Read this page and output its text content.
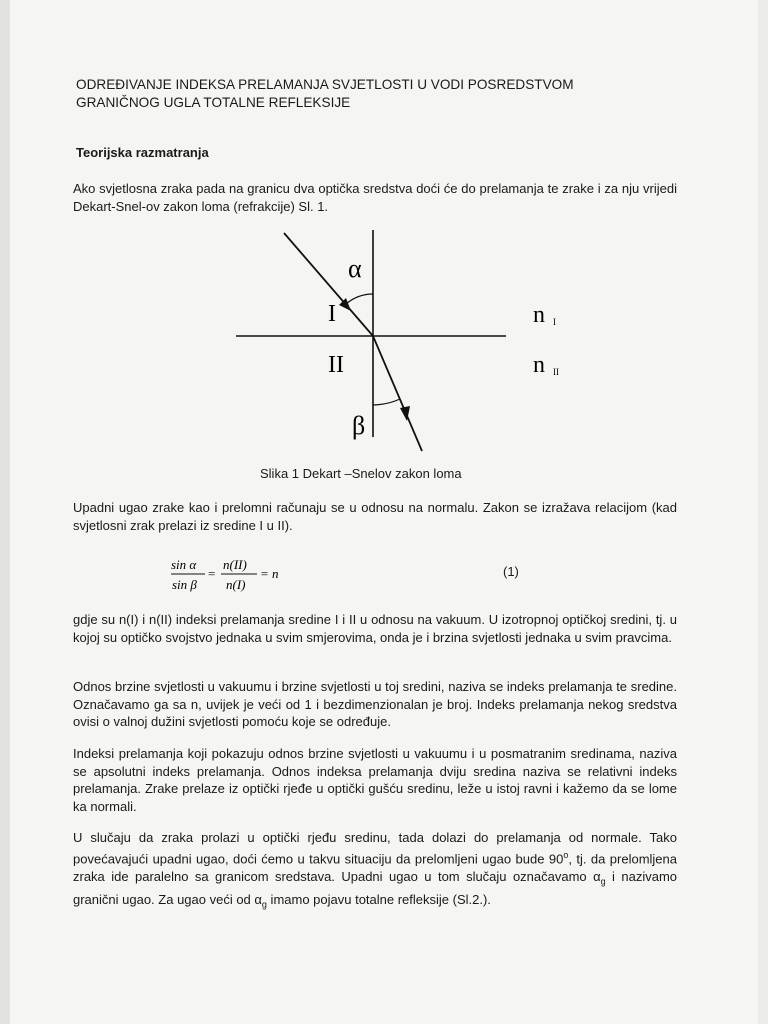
ODREĐIVANJE INDEKSA PRELAMANJA SVJETLOSTI U VODI POSREDSTVOM
GRANIČNOG UGLA TOTALNE REFLEKSIJE
Teorijska razmatranja
Ako svjetlosna zraka pada na granicu dva optička sredstva doći će do prelamanja te zrake i za nju vrijedi Dekart-Snel-ov zakon loma (refrakcije) Sl. 1.
α
β
I
II
n I
n II
Slika 1 Dekart –Snelov zakon loma
Upadni ugao zrake kao i prelomni računaju se u odnosu na normalu. Zakon se izražava relacijom (kad svjetlosni zrak prelazi iz sredine I u II).
sin α
sin β
=
n(II)
n(I)
= n	(1)
gdje su n(I) i n(II) indeksi prelamanja sredine I i II u odnosu na vakuum. U izotropnoj optičkoj sredini, tj. u kojoj su optičko svojstvo jednaka u svim smjerovima, onda je i brzina svjetlosti jednaka u svim pravcima.
Odnos brzine svjetlosti u vakuumu i brzine svjetlosti u toj sredini, naziva se indeks prelamanja te sredine. Označavamo ga sa n, uvijek je veći od 1 i bezdimenzionalan je broj. Indeks prelamanja nekog sredstva ovisi o valnoj dužini svjetlosti pomoću koje se određuje.
Indeksi prelamanja koji pokazuju odnos brzine svjetlosti u vakuumu i u posmatranim sredinama, naziva se apsolutni indeks prelamanja. Odnos indeksa prelamanja dviju sredina naziva se relativni indeks prelamanja. Zrake prelaze iz optički rjeđe u optički gušću sredinu, leže u istoj ravni i kažemo da se lome ka normali.
U slučaju da zraka prolazi u optički rjeđu sredinu, tada dolazi do prelamanja od normale. Tako povećavajući upadni ugao, doći ćemo u takvu situaciju da prelomljeni ugao bude 90$^o$, tj. da prelomljena zraka ide paralelno sa granicom sredstava. Upadni ugao u tom slučaju označavamo $\alpha_g$ i nazivamo granični ugao. Za ugao veći od $\alpha_g$ imamo pojavu totalne refleksije (Sl.2.).
